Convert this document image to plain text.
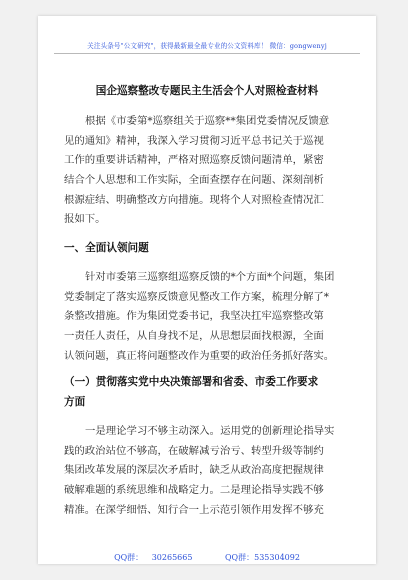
关注头条号"公文研究"，获得最新最全最专业的公文资料库！ 微信：gongwenyj
国企巡察整改专题民主生活会个人对照检查材料
根据《市委第*巡察组关于巡察**集团党委情况反馈意
见的通知》精神，我深入学习贯彻习近平总书记关于巡视
工作的重要讲话精神，严格对照巡察反馈问题清单，紧密
结合个人思想和工作实际，全面查摆存在问题、深刻剖析
根源症结、明确整改方向措施。现将个人对照检查情况汇
报如下。
一、全面认领问题
针对市委第三巡察组巡察反馈的*个方面*个问题，集团
党委制定了落实巡察反馈意见整改工作方案，梳理分解了*
条整改措施。作为集团党委书记，我坚决扛牢巡察整改第
一责任人责任，从自身找不足，从思想层面找根源，全面
认领问题，真正将问题整改作为重要的政治任务抓好落实。
（一）贯彻落实党中央决策部署和省委、市委工作要求
方面
一是理论学习不够主动深入。运用党的创新理论指导实
践的政治站位不够高，在破解减亏治亏、转型升级等制约
集团改革发展的深层次矛盾时，缺乏从政治高度把握规律
破解难题的系统思维和战略定力。二是理论指导实践不够
精准。在深学细悟、知行合一上示范引领作用发挥不够充
QQ群： 30265665	QQ群：535304092
